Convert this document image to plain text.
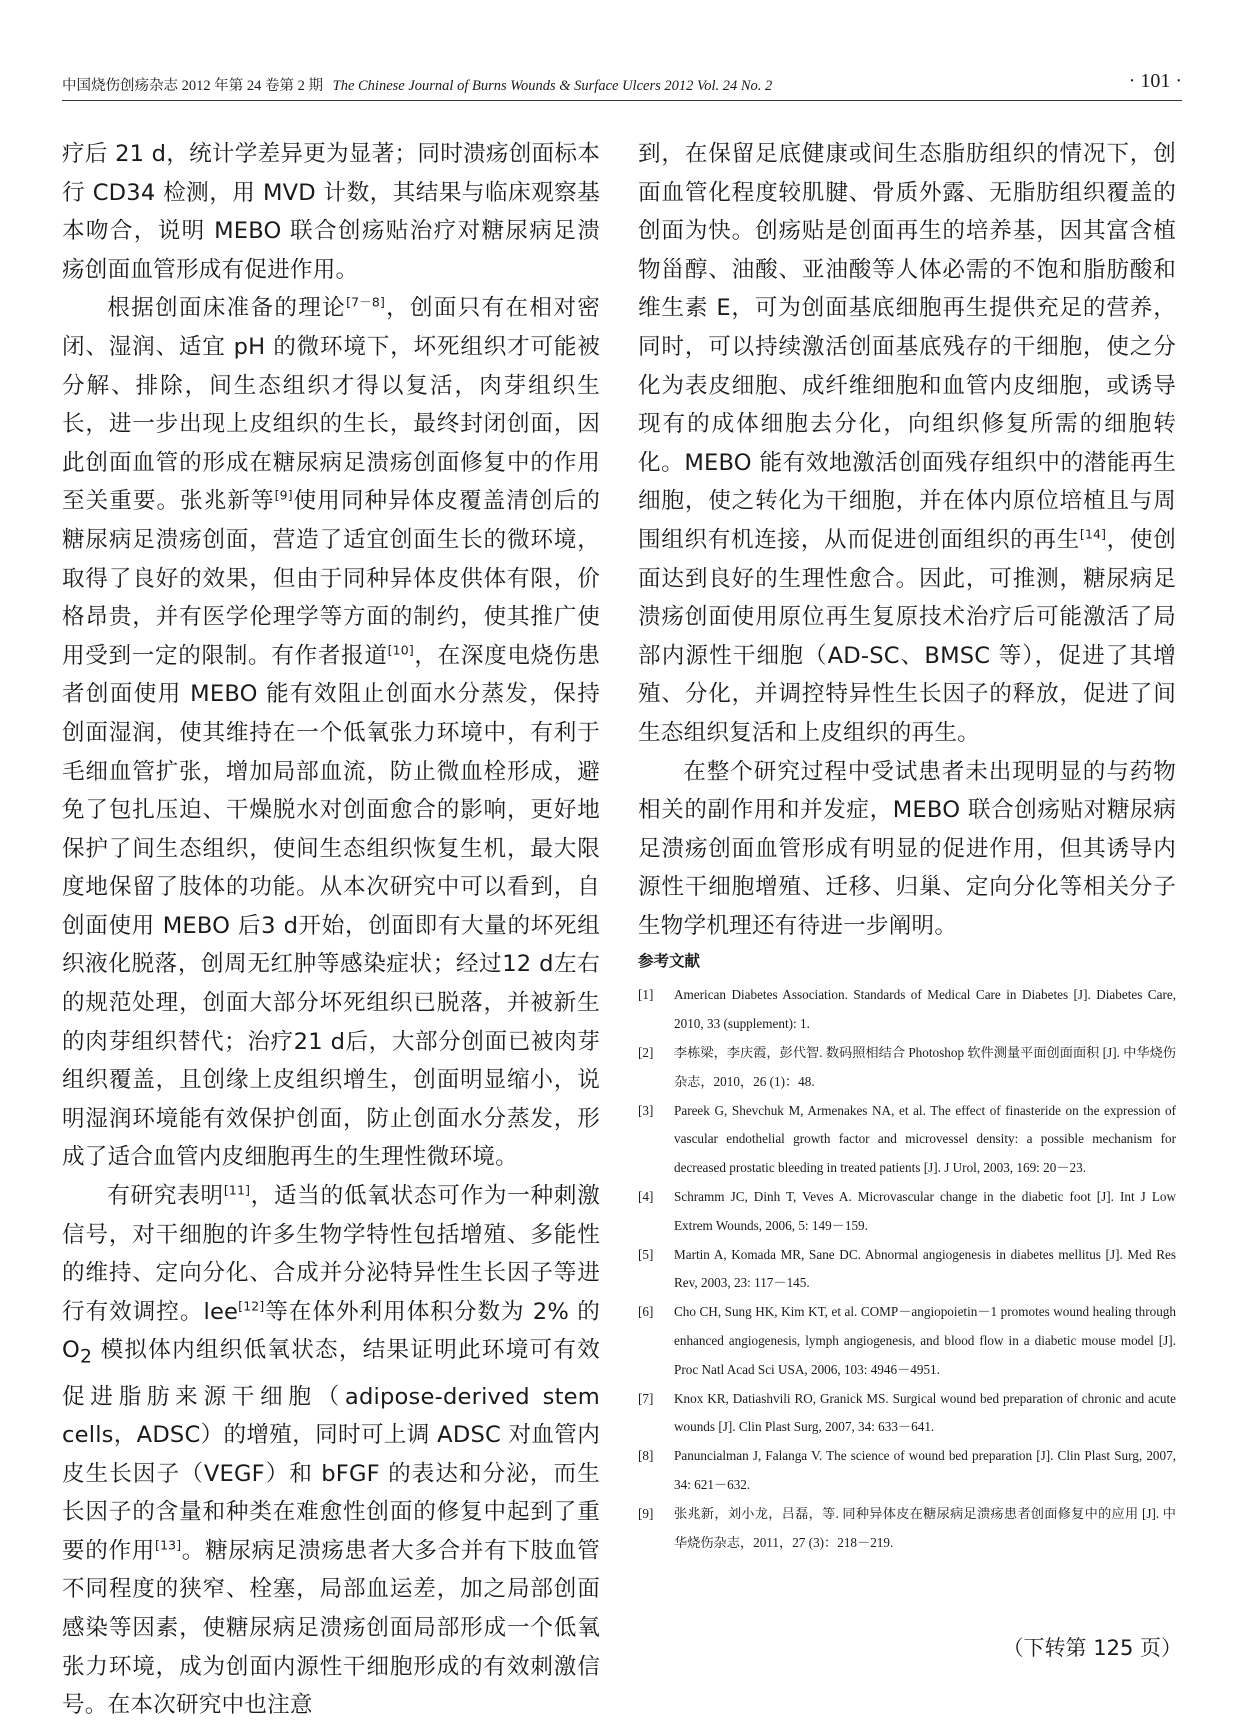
中国烧伤创疡杂志 2012 年第 24 卷第 2 期 The Chinese Journal of Burns Wounds & Surface Ulcers 2012 Vol. 24 No. 2	· 101 ·

疗后 21 d，统计学差异更为显著；同时溃疡创面标本行 CD34 检测，用 MVD 计数，其结果与临床观察基本吻合，说明 MEBO 联合创疡贴治疗对糖尿病足溃疡创面血管形成有促进作用。

根据创面床准备的理论[7－8]，创面只有在相对密闭、湿润、适宜 pH 的微环境下，坏死组织才可能被分解、排除，间生态组织才得以复活，肉芽组织生长，进一步出现上皮组织的生长，最终封闭创面，因此创面血管的形成在糖尿病足溃疡创面修复中的作用至关重要。张兆新等[9]使用同种异体皮覆盖清创后的糖尿病足溃疡创面，营造了适宜创面生长的微环境，取得了良好的效果，但由于同种异体皮供体有限，价格昂贵，并有医学伦理学等方面的制约，使其推广使用受到一定的限制。有作者报道[10]，在深度电烧伤患者创面使用 MEBO 能有效阻止创面水分蒸发，保持创面湿润，使其维持在一个低氧张力环境中，有利于毛细血管扩张，增加局部血流，防止微血栓形成，避免了包扎压迫、干燥脱水对创面愈合的影响，更好地保护了间生态组织，使间生态组织恢复生机，最大限度地保留了肢体的功能。从本次研究中可以看到，自创面使用 MEBO 后3 d开始，创面即有大量的坏死组织液化脱落，创周无红肿等感染症状；经过12 d左右的规范处理，创面大部分坏死组织已脱落，并被新生的肉芽组织替代；治疗21 d后，大部分创面已被肉芽组织覆盖，且创缘上皮组织增生，创面明显缩小，说明湿润环境能有效保护创面，防止创面水分蒸发，形成了适合血管内皮细胞再生的生理性微环境。

有研究表明[11]，适当的低氧状态可作为一种刺激信号，对干细胞的许多生物学特性包括增殖、多能性的维持、定向分化、合成并分泌特异性生长因子等进行有效调控。lee[12]等在体外利用体积分数为 2% 的 $O_2$ 模拟体内组织低氧状态，结果证明此环境可有效促进脂肪来源干细胞（adipose-derived stem cells，ADSC）的增殖，同时可上调 ADSC 对血管内皮生长因子（VEGF）和 bFGF 的表达和分泌，而生长因子的含量和种类在难愈性创面的修复中起到了重要的作用[13]。糖尿病足溃疡患者大多合并有下肢血管不同程度的狭窄、栓塞，局部血运差，加之局部创面感染等因素，使糖尿病足溃疡创面局部形成一个低氧张力环境，成为创面内源性干细胞形成的有效刺激信号。在本次研究中也注意

到，在保留足底健康或间生态脂肪组织的情况下，创面血管化程度较肌腱、骨质外露、无脂肪组织覆盖的创面为快。创疡贴是创面再生的培养基，因其富含植物甾醇、油酸、亚油酸等人体必需的不饱和脂肪酸和维生素 E，可为创面基底细胞再生提供充足的营养，同时，可以持续激活创面基底残存的干细胞，使之分化为表皮细胞、成纤维细胞和血管内皮细胞，或诱导现有的成体细胞去分化，向组织修复所需的细胞转化。MEBO 能有效地激活创面残存组织中的潜能再生细胞，使之转化为干细胞，并在体内原位培植且与周围组织有机连接，从而促进创面组织的再生[14]，使创面达到良好的生理性愈合。因此，可推测，糖尿病足溃疡创面使用原位再生复原技术治疗后可能激活了局部内源性干细胞（AD-SC、BMSC 等），促进了其增殖、分化，并调控特异性生长因子的释放，促进了间生态组织复活和上皮组织的再生。

在整个研究过程中受试患者未出现明显的与药物相关的副作用和并发症，MEBO 联合创疡贴对糖尿病足溃疡创面血管形成有明显的促进作用，但其诱导内源性干细胞增殖、迁移、归巢、定向分化等相关分子生物学机理还有待进一步阐明。

参考文献
[1] American Diabetes Association. Standards of Medical Care in Diabetes [J]. Diabetes Care, 2010, 33 (supplement): 1.
[2] 李栋梁，李庆霞，彭代智. 数码照相结合 Photoshop 软件测量平面创面面积 [J]. 中华烧伤杂志，2010，26 (1)：48.
[3] Pareek G, Shevchuk M, Armenakes NA, et al. The effect of finasteride on the expression of vascular endothelial growth factor and microvessel density: a possible mechanism for decreased prostatic bleeding in treated patients [J]. J Urol, 2003, 169: 20－23.
[4] Schramm JC, Dinh T, Veves A. Microvascular change in the diabetic foot [J]. Int J Low Extrem Wounds, 2006, 5: 149－159.
[5] Martin A, Komada MR, Sane DC. Abnormal angiogenesis in diabetes mellitus [J]. Med Res Rev, 2003, 23: 117－145.
[6] Cho CH, Sung HK, Kim KT, et al. COMP－angiopoietin－1 promotes wound healing through enhanced angiogenesis, lymph angiogenesis, and blood flow in a diabetic mouse model [J]. Proc Natl Acad Sci USA, 2006, 103: 4946－4951.
[7] Knox KR, Datiashvili RO, Granick MS. Surgical wound bed preparation of chronic and acute wounds [J]. Clin Plast Surg, 2007, 34: 633－641.
[8] Panuncialman J, Falanga V. The science of wound bed preparation [J]. Clin Plast Surg, 2007, 34: 621－632.
[9] 张兆新，刘小龙，吕磊，等. 同种异体皮在糖尿病足溃疡患者创面修复中的应用 [J]. 中华烧伤杂志，2011，27 (3)：218－219.
（下转第 125 页）
